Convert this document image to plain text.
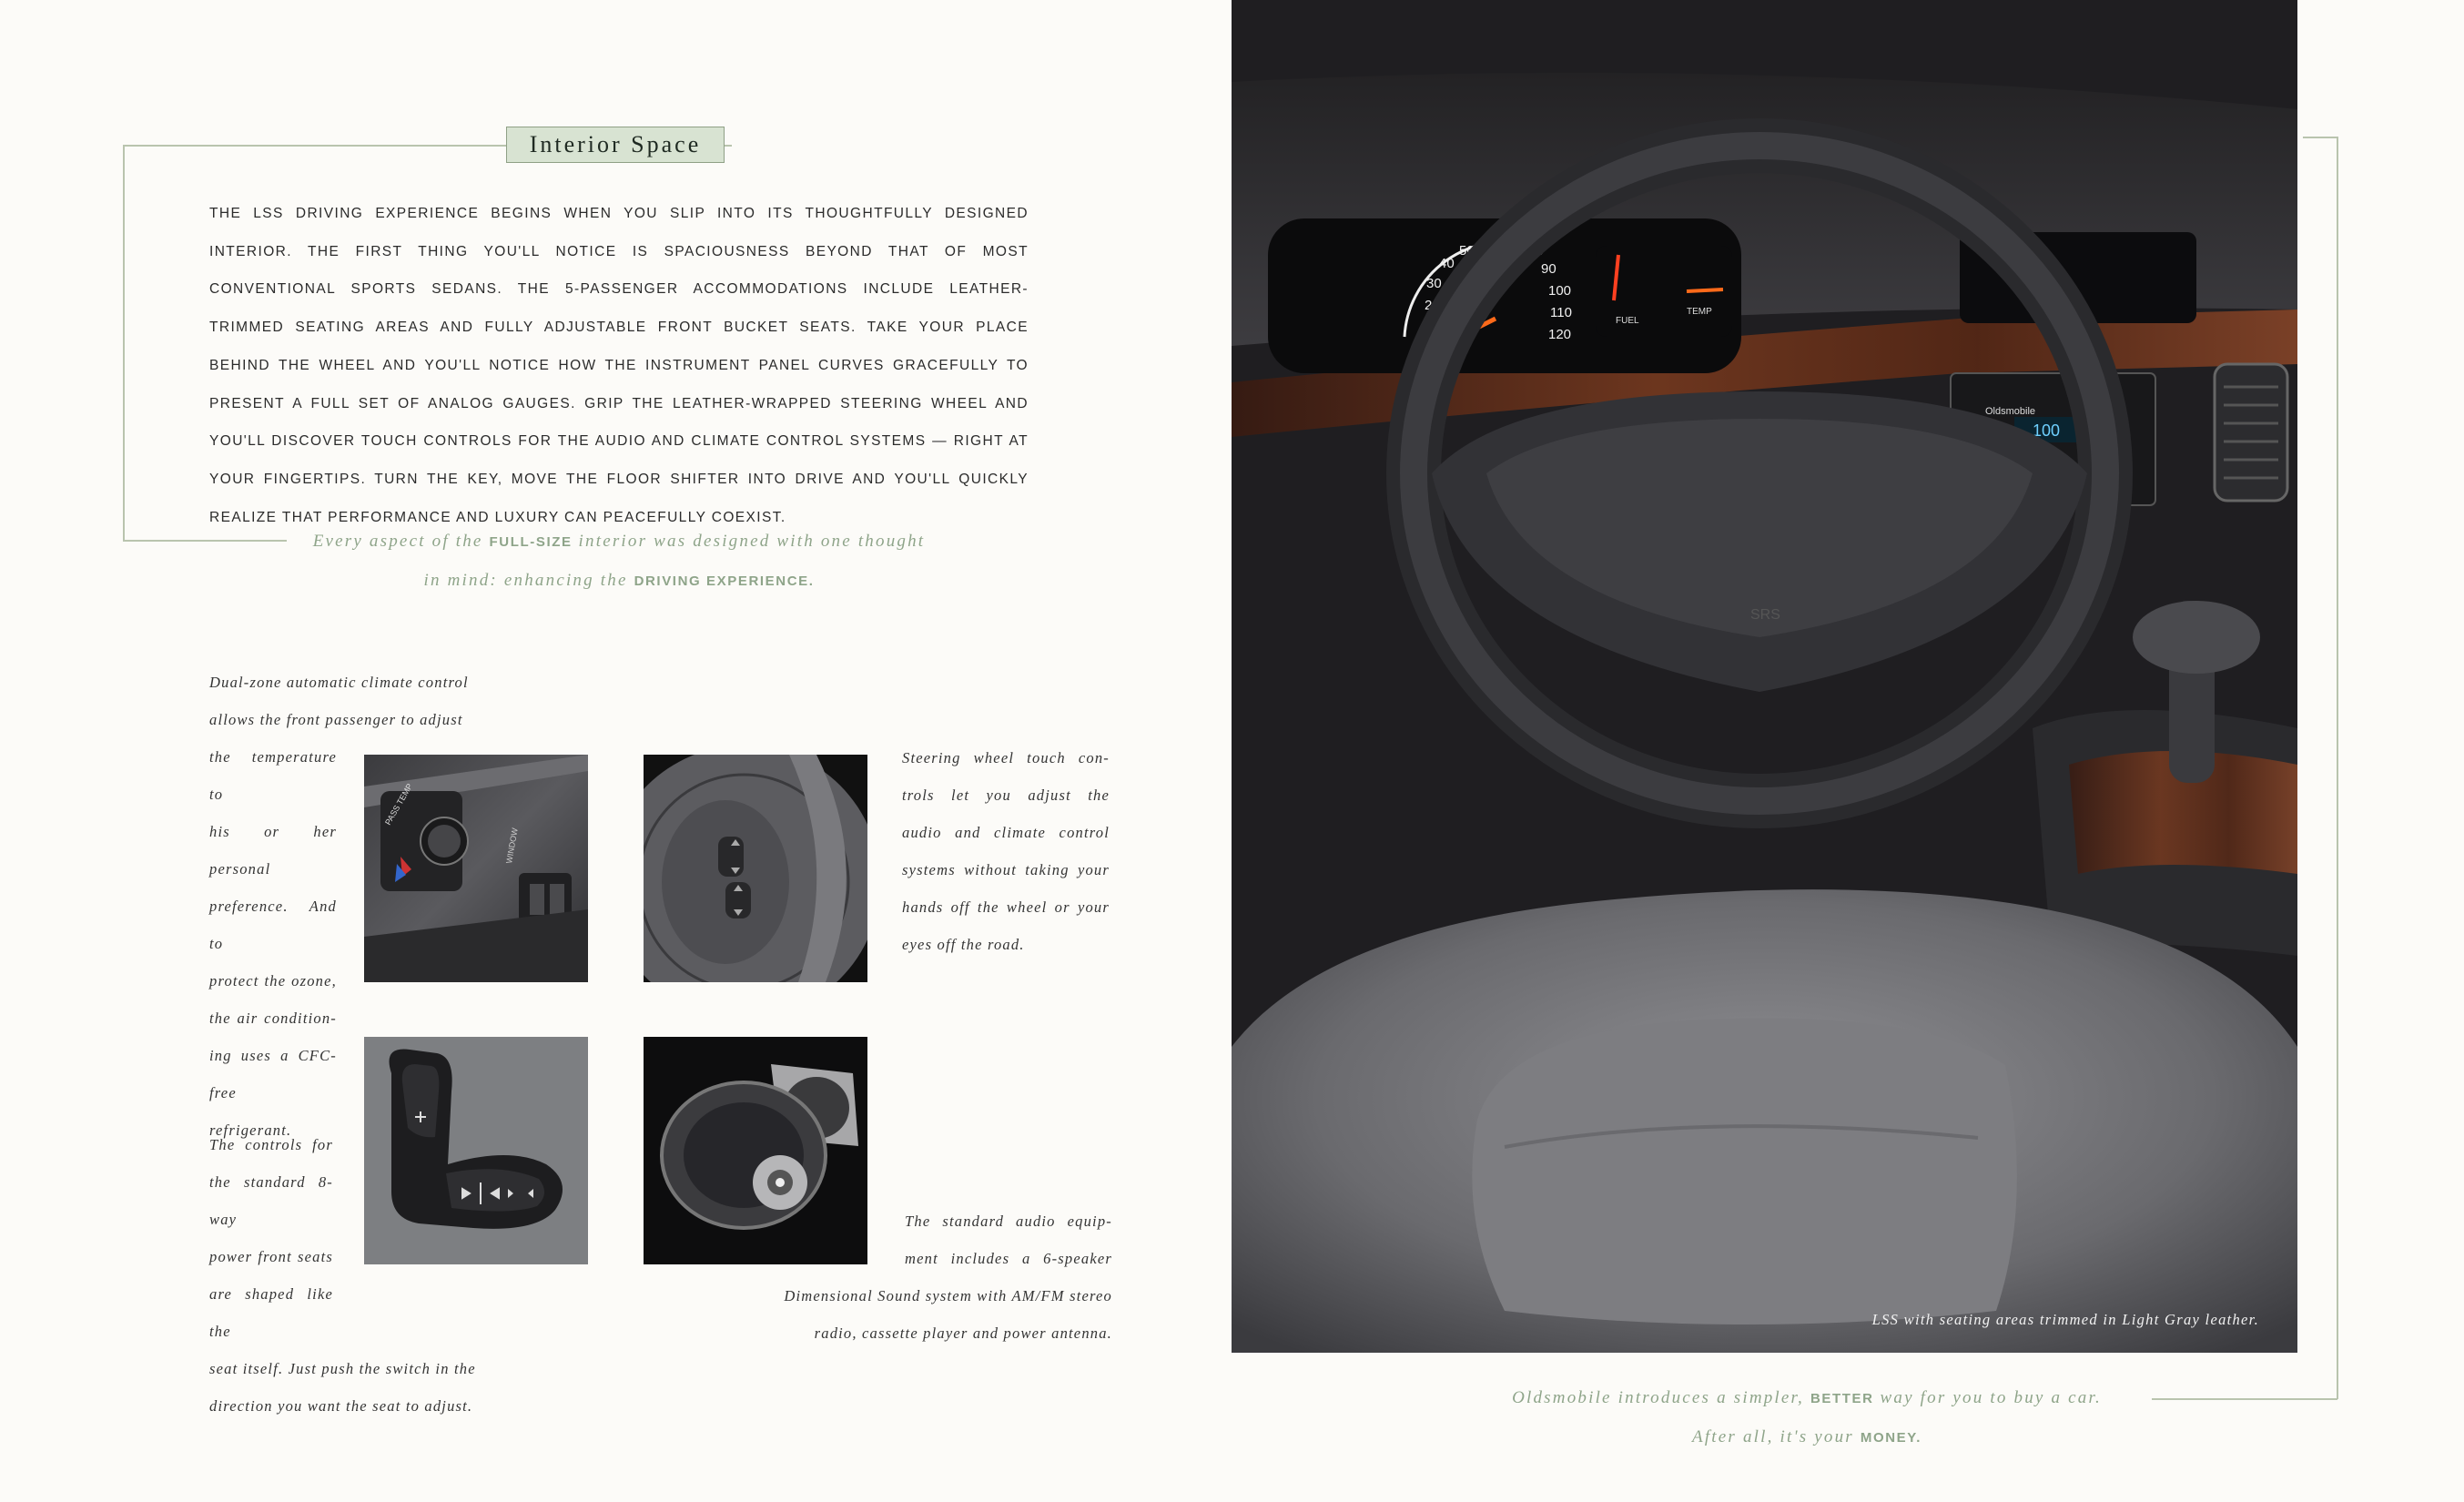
Interior Space
THE LSS DRIVING EXPERIENCE BEGINS WHEN YOU SLIP INTO ITS THOUGHTFULLY DESIGNED INTERIOR. THE FIRST THING YOU'LL NOTICE IS SPACIOUSNESS BEYOND THAT OF MOST CONVENTIONAL SPORTS SEDANS. THE 5-PASSENGER ACCOMMODATIONS INCLUDE LEATHER-TRIMMED SEATING AREAS AND FULLY ADJUSTABLE FRONT BUCKET SEATS. TAKE YOUR PLACE BEHIND THE WHEEL AND YOU'LL NOTICE HOW THE INSTRUMENT PANEL CURVES GRACEFULLY TO PRESENT A FULL SET OF ANALOG GAUGES. GRIP THE LEATHER-WRAPPED STEERING WHEEL AND YOU'LL DISCOVER TOUCH CONTROLS FOR THE AUDIO AND CLIMATE CONTROL SYSTEMS — RIGHT AT YOUR FINGERTIPS. TURN THE KEY, MOVE THE FLOOR SHIFTER INTO DRIVE AND YOU'LL QUICKLY REALIZE THAT PERFORMANCE AND LUXURY CAN PEACEFULLY COEXIST.
Every aspect of the FULL-SIZE interior was designed with one thought
in mind: enhancing the DRIVING EXPERIENCE.
Dual-zone automatic climate control
allows the front passenger to adjust
the temperature to
his or her personal
preference. And to
protect the ozone,
the air condition-
ing uses a CFC-free
refrigerant.
PASS TEMP
WINDOW
Steering wheel touch con-
trols let you adjust the
audio and climate control
systems without taking your
hands off the wheel or your
eyes off the road.
The controls for
the standard 8-way
power front seats
are shaped like the
seat itself. Just push the switch in the
direction you want the seat to adjust.
The standard audio equip-
ment includes a 6-speaker
Dimensional Sound system with AM/FM stereo
radio, cassette player and power antenna.
10
20
30
40
50 60 70 80
90
100
110
120
MPH
FUEL
TEMP
75
Oldsmobile
100
SRS
LSS with seating areas trimmed in Light Gray leather.
Oldsmobile introduces a simpler, BETTER way for you to buy a car.
After all, it's your MONEY.
